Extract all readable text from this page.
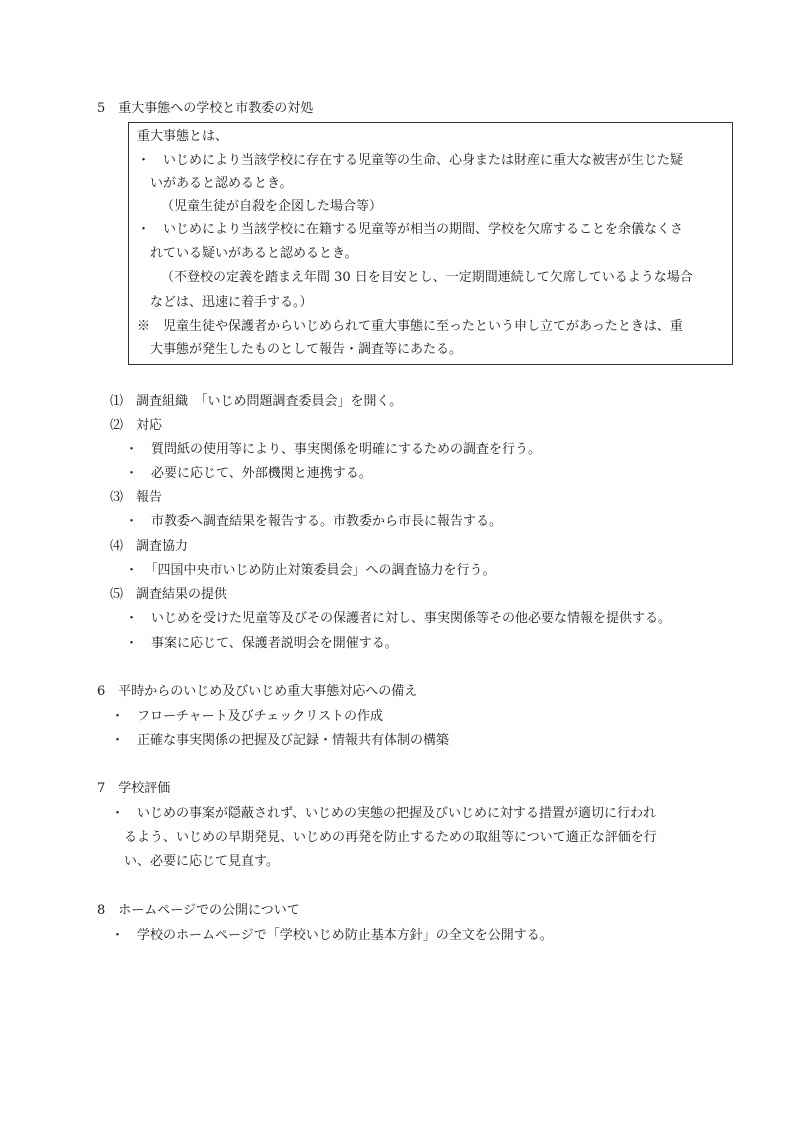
5　重大事態への学校と市教委の対処
重大事態とは、
・　いじめにより当該学校に存在する児童等の生命、心身または財産に重大な被害が生じた疑
いがあると認めるとき。
（児童生徒が自殺を企図した場合等）
・　いじめにより当該学校に在籍する児童等が相当の期間、学校を欠席することを余儀なくさ
れている疑いがあると認めるとき。
（不登校の定義を踏まえ年間 30 日を目安とし、一定期間連続して欠席しているような場合
などは、迅速に着手する。）
※　児童生徒や保護者からいじめられて重大事態に至ったという申し立てがあったときは、重
大事態が発生したものとして報告・調査等にあたる。
⑴　調査組織　「いじめ問題調査委員会」を開く。
⑵　対応
・　質問紙の使用等により、事実関係を明確にするための調査を行う。
・　必要に応じて、外部機関と連携する。
⑶　報告
・　市教委へ調査結果を報告する。市教委から市長に報告する。
⑷　調査協力
・　「四国中央市いじめ防止対策委員会」への調査協力を行う。
⑸　調査結果の提供
・　いじめを受けた児童等及びその保護者に対し、事実関係等その他必要な情報を提供する。
・　事案に応じて、保護者説明会を開催する。
6　平時からのいじめ及びいじめ重大事態対応への備え
・　フローチャート及びチェックリストの作成
・　正確な事実関係の把握及び記録・情報共有体制の構築
7　学校評価
・　いじめの事案が隠蔽されず、いじめの実態の把握及びいじめに対する措置が適切に行われ
るよう、いじめの早期発見、いじめの再発を防止するための取組等について適正な評価を行
い、必要に応じて見直す。
8　ホームページでの公開について
・　学校のホームページで「学校いじめ防止基本方針」の全文を公開する。
